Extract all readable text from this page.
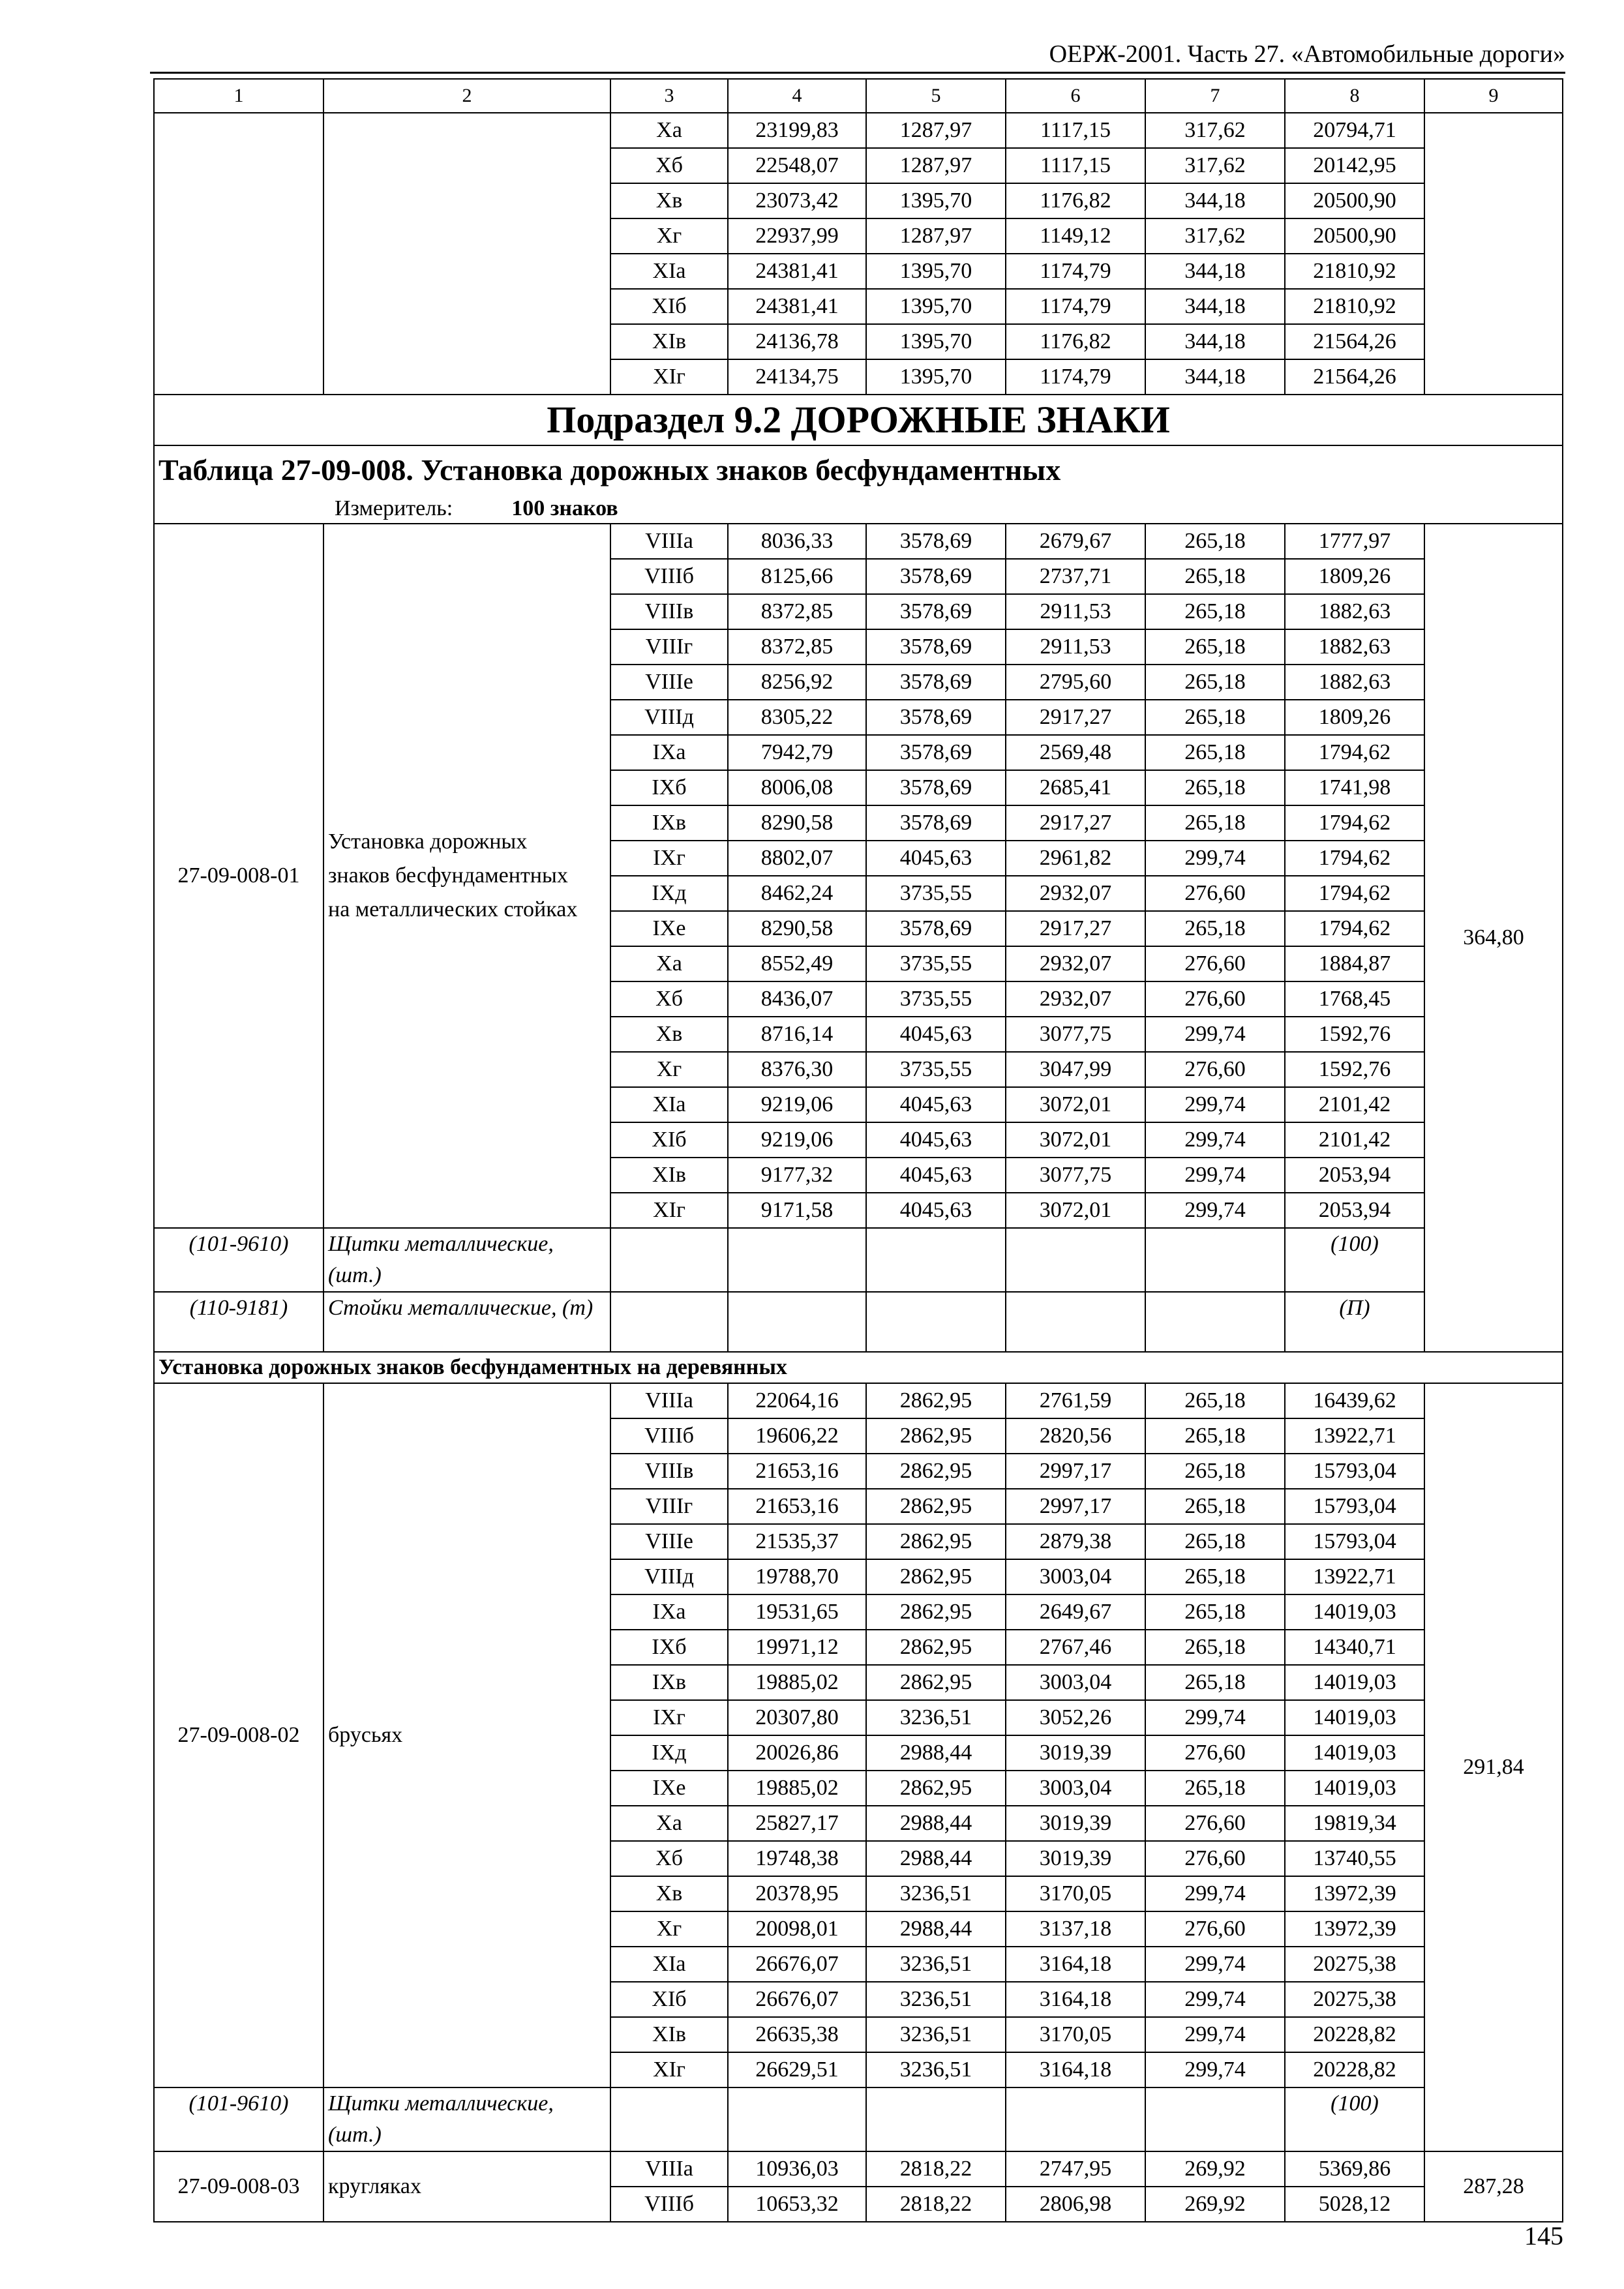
ОЕРЖ-2001. Часть 27. «Автомобильные дороги»
1	2	3	4	5	6	7	8	9
		Xa	23199,83	1287,97	1117,15	317,62	20794,71	
		Xб	22548,07	1287,97	1117,15	317,62	20142,95	
		Xв	23073,42	1395,70	1176,82	344,18	20500,90	
		Xг	22937,99	1287,97	1149,12	317,62	20500,90	
		XIa	24381,41	1395,70	1174,79	344,18	21810,92	
		XIб	24381,41	1395,70	1174,79	344,18	21810,92	
		XIв	24136,78	1395,70	1176,82	344,18	21564,26	
		XIг	24134,75	1395,70	1174,79	344,18	21564,26	
Подраздел 9.2 ДОРОЖНЫЕ ЗНАКИ								
Таблица 27-09-008. Установка дорожных знаков бесфундаментных								
Измеритель: 100 знаков								
27-09-008-01	Установка дорожных
знаков бесфундаментных
на металлических стойках	VIIIa	8036,33	3578,69	2679,67	265,18	1777,97	364,80
		VIIIб	8125,66	3578,69	2737,71	265,18	1809,26	
		VIIIв	8372,85	3578,69	2911,53	265,18	1882,63	
		VIIIг	8372,85	3578,69	2911,53	265,18	1882,63	
		VIIIe	8256,92	3578,69	2795,60	265,18	1882,63	
		VIIIд	8305,22	3578,69	2917,27	265,18	1809,26	
		IXa	7942,79	3578,69	2569,48	265,18	1794,62	
		IXб	8006,08	3578,69	2685,41	265,18	1741,98	
		IXв	8290,58	3578,69	2917,27	265,18	1794,62	
		IXг	8802,07	4045,63	2961,82	299,74	1794,62	
		IXд	8462,24	3735,55	2932,07	276,60	1794,62	
		IXe	8290,58	3578,69	2917,27	265,18	1794,62	
		Xa	8552,49	3735,55	2932,07	276,60	1884,87	
		Xб	8436,07	3735,55	2932,07	276,60	1768,45	
		Xв	8716,14	4045,63	3077,75	299,74	1592,76	
		Xг	8376,30	3735,55	3047,99	276,60	1592,76	
		XIa	9219,06	4045,63	3072,01	299,74	2101,42	
		XIб	9219,06	4045,63	3072,01	299,74	2101,42	
		XIв	9177,32	4045,63	3077,75	299,74	2053,94	
		XIг	9171,58	4045,63	3072,01	299,74	2053,94	
(101-9610)	Щитки металлические, (шт.)						(100)	
(110-9181)	Стойки металлические, (т)						(П)	
Установка дорожных знаков бесфундаментных на деревянных								
27-09-008-02	брусьях	VIIIa	22064,16	2862,95	2761,59	265,18	16439,62	291,84
		VIIIб	19606,22	2862,95	2820,56	265,18	13922,71	
		VIIIв	21653,16	2862,95	2997,17	265,18	15793,04	
		VIIIг	21653,16	2862,95	2997,17	265,18	15793,04	
		VIIIe	21535,37	2862,95	2879,38	265,18	15793,04	
		VIIIд	19788,70	2862,95	3003,04	265,18	13922,71	
		IXa	19531,65	2862,95	2649,67	265,18	14019,03	
		IXб	19971,12	2862,95	2767,46	265,18	14340,71	
		IXв	19885,02	2862,95	3003,04	265,18	14019,03	
		IXг	20307,80	3236,51	3052,26	299,74	14019,03	
		IXд	20026,86	2988,44	3019,39	276,60	14019,03	
		IXe	19885,02	2862,95	3003,04	265,18	14019,03	
		Xa	25827,17	2988,44	3019,39	276,60	19819,34	
		Xб	19748,38	2988,44	3019,39	276,60	13740,55	
		Xв	20378,95	3236,51	3170,05	299,74	13972,39	
		Xг	20098,01	2988,44	3137,18	276,60	13972,39	
		XIa	26676,07	3236,51	3164,18	299,74	20275,38	
		XIб	26676,07	3236,51	3164,18	299,74	20275,38	
		XIв	26635,38	3236,51	3170,05	299,74	20228,82	
		XIг	26629,51	3236,51	3164,18	299,74	20228,82	
(101-9610)	Щитки металлические, (шт.)						(100)	
27-09-008-03	кругляках	VIIIa	10936,03	2818,22	2747,95	269,92	5369,86	287,28
		VIIIб	10653,32	2818,22	2806,98	269,92	5028,12	
145
